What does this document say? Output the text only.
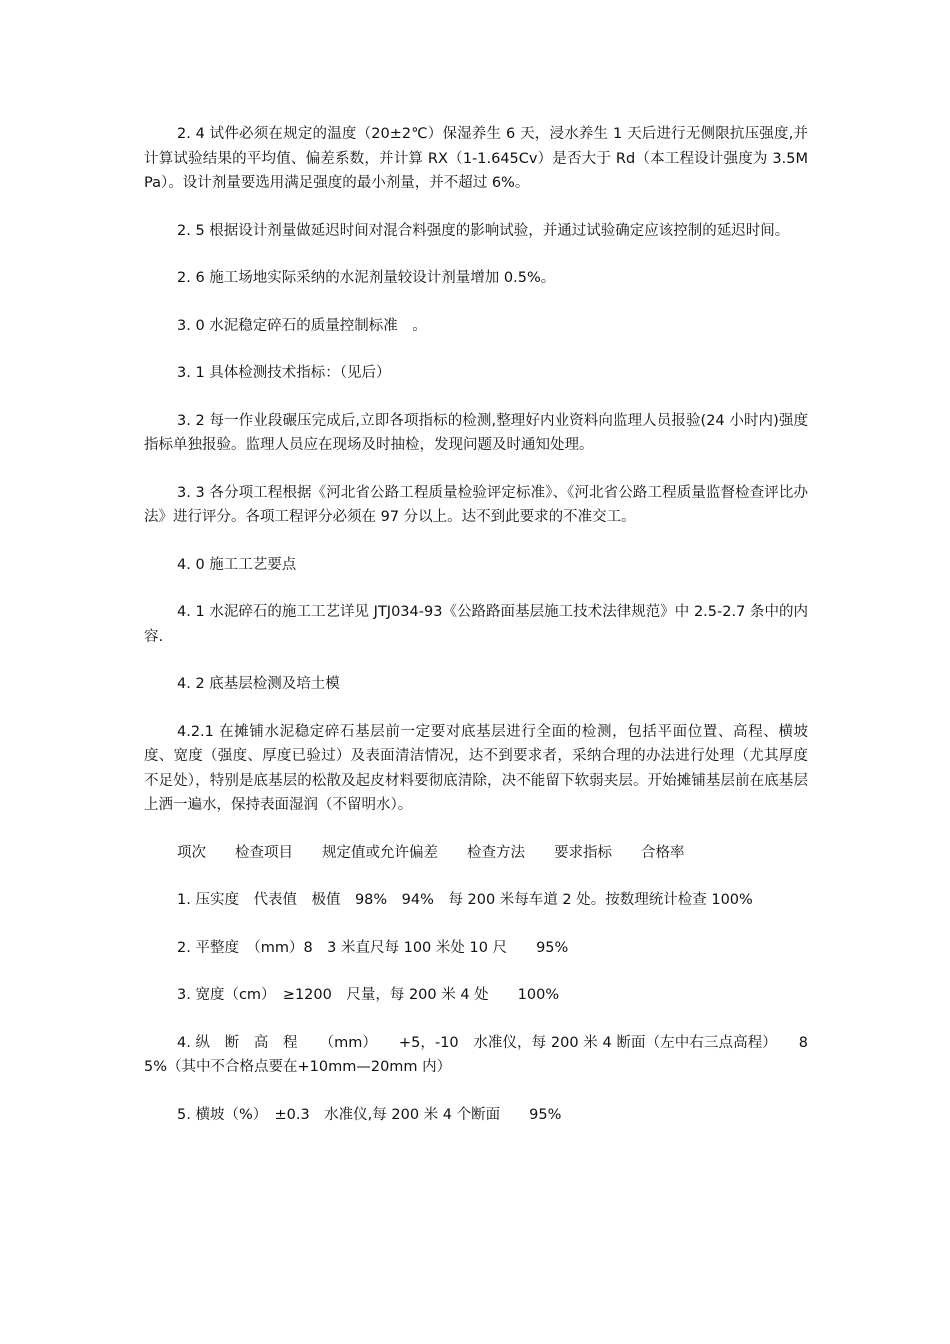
2. 4 试件必须在规定的温度（20±2℃）保湿养生 6 天，浸水养生 1 天后进行无侧限抗压强度,并计算试验结果的平均值、偏差系数，并计算 RX（1-1.645Cv）是否大于 Rd（本工程设计强度为 3.5MPa）。设计剂量要选用满足强度的最小剂量，并不超过 6%。

2. 5 根据设计剂量做延迟时间对混合料强度的影响试验，并通过试验确定应该控制的延迟时间。

2. 6 施工场地实际采纳的水泥剂量较设计剂量增加 0.5%。

3. 0 水泥稳定碎石的质量控制标准　。

3. 1 具体检测技术指标：（见后）

3. 2 每一作业段碾压完成后,立即各项指标的检测,整理好内业资料向监理人员报验(24 小时内)强度指标单独报验。监理人员应在现场及时抽检，发现问题及时通知处理。

3. 3 各分项工程根据《河北省公路工程质量检验评定标准》、《河北省公路工程质量监督检查评比办法》进行评分。各项工程评分必须在 97 分以上。达不到此要求的不准交工。

4. 0 施工工艺要点

4. 1 水泥碎石的施工工艺详见 JTJ034-93《公路路面基层施工技术法律规范》中 2.5-2.7 条中的内容.

4. 2 底基层检测及培土模

4.2.1 在摊铺水泥稳定碎石基层前一定要对底基层进行全面的检测，包括平面位置、高程、横坡度、宽度（强度、厚度已验过）及表面清洁情况，达不到要求者，采纳合理的办法进行处理（尤其厚度不足处），特别是底基层的松散及起皮材料要彻底清除，决不能留下软弱夹层。开始摊铺基层前在底基层上洒一遍水，保持表面湿润（不留明水）。

项次　　检查项目　　规定值或允许偏差　　检查方法　　要求指标　　合格率

1. 压实度　代表值　极值　98%　94%　每 200 米每车道 2 处。按数理统计检查 100%

2. 平整度　（mm）8　3 米直尺每 100 米处 10 尺　　95%

3. 宽度（cm）　≥1200　尺量，每 200 米 4 处　　100%

4. 纵　断　高　程　　（mm）　　+5，-10　水准仪，每 200 米 4 断面（左中右三点高程）　　85%（其中不合格点要在+10mm—20mm 内）

5. 横坡（%）　±0.3　水准仪,每 200 米 4 个断面　　95%
